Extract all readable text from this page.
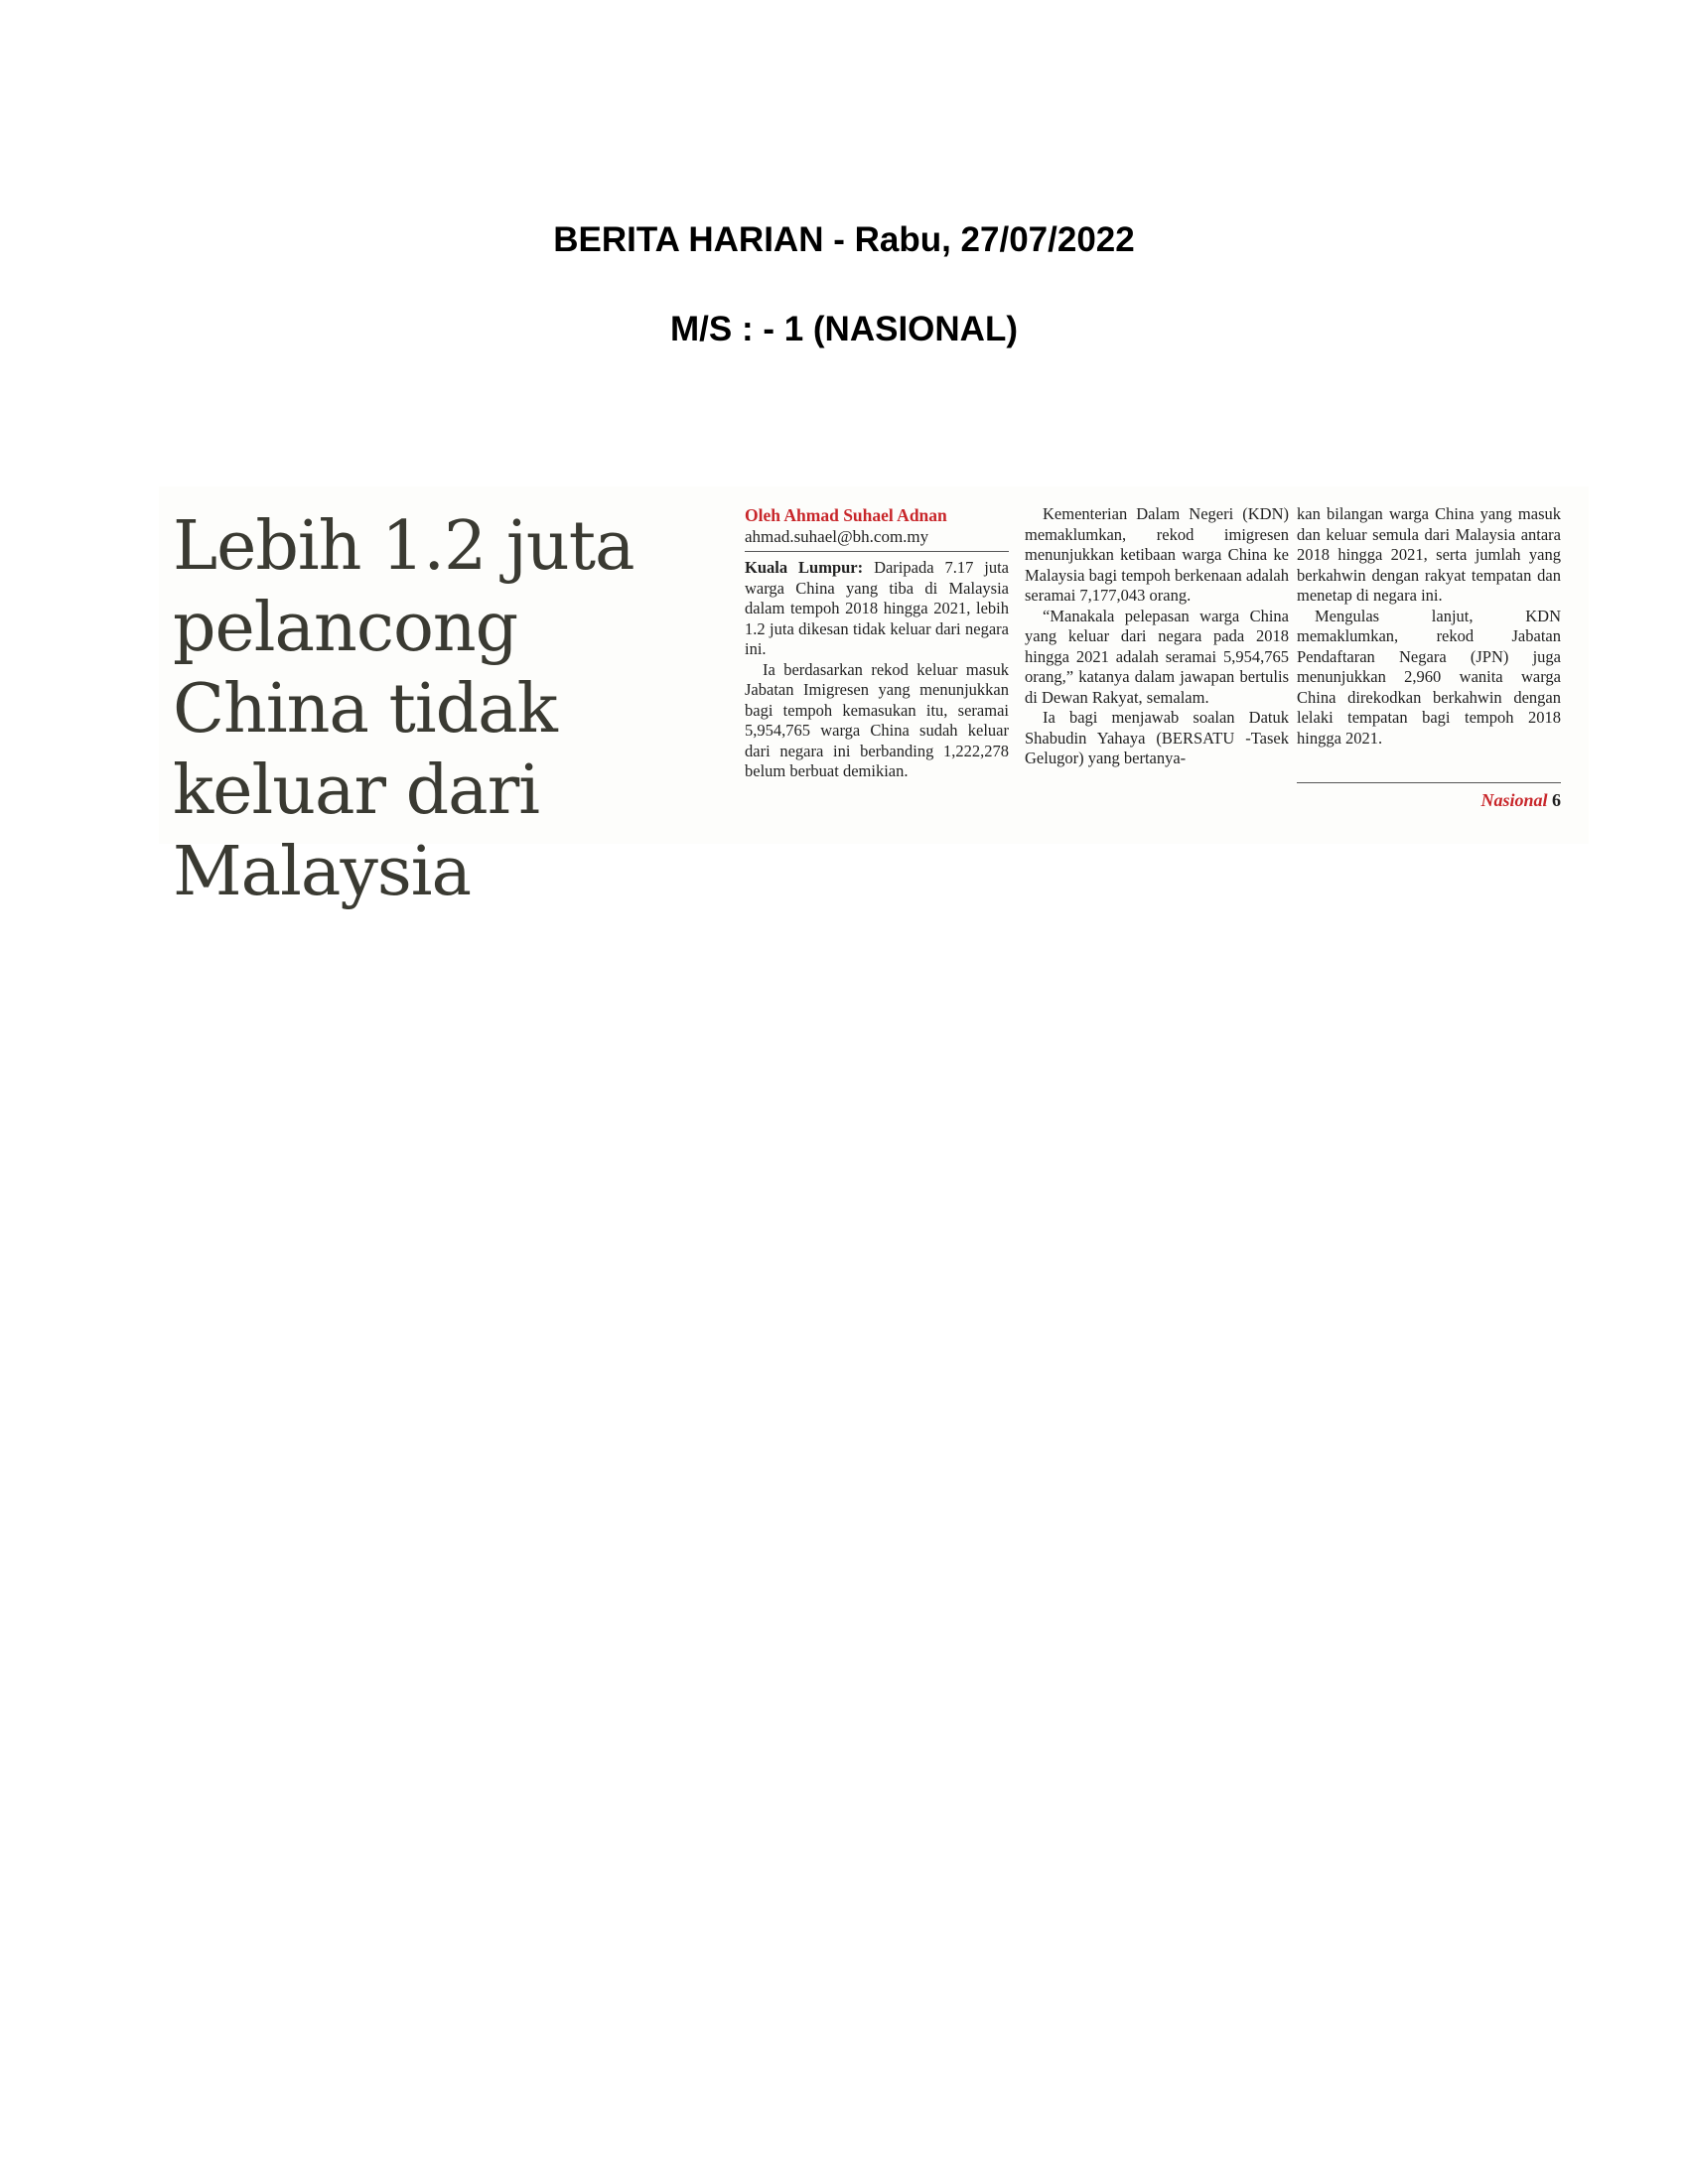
BERITA HARIAN - Rabu, 27/07/2022
M/S : - 1 (NASIONAL)
Lebih 1.2 juta pelancong China tidak keluar dari Malaysia
Oleh Ahmad Suhael Adnan
ahmad.suhael@bh.com.my

Kuala Lumpur: Daripada 7.17 juta warga China yang tiba di Malaysia dalam tempoh 2018 hingga 2021, lebih 1.2 juta dikesan tidak keluar dari negara ini.

Ia berdasarkan rekod keluar masuk Jabatan Imigresen yang menunjukkan bagi tempoh kemasukan itu, seramai 5,954,765 warga China sudah keluar dari negara ini berbanding 1,222,278 belum berbuat demikian.

Kementerian Dalam Negeri (KDN) memaklumkan, rekod imigresen menunjukkan ketibaan warga China ke Malaysia bagi tempoh berkenaan adalah seramai 7,177,043 orang.

“Manakala pelepasan warga China yang keluar dari negara pada 2018 hingga 2021 adalah seramai 5,954,765 orang,” katanya dalam jawapan bertulis di Dewan Rakyat, semalam.

Ia bagi menjawab soalan Datuk Shabudin Yahaya (BERSATU -Tasek Gelugor) yang bertanya-

kan bilangan warga China yang masuk dan keluar semula dari Malaysia antara 2018 hingga 2021, serta jumlah yang berkahwin dengan rakyat tempatan dan menetap di negara ini.

Mengulas lanjut, KDN memaklumkan, rekod Jabatan Pendaftaran Negara (JPN) juga menunjukkan 2,960 wanita warga China direkodkan berkahwin dengan lelaki tempatan bagi tempoh 2018 hingga 2021.

Nasional 6
